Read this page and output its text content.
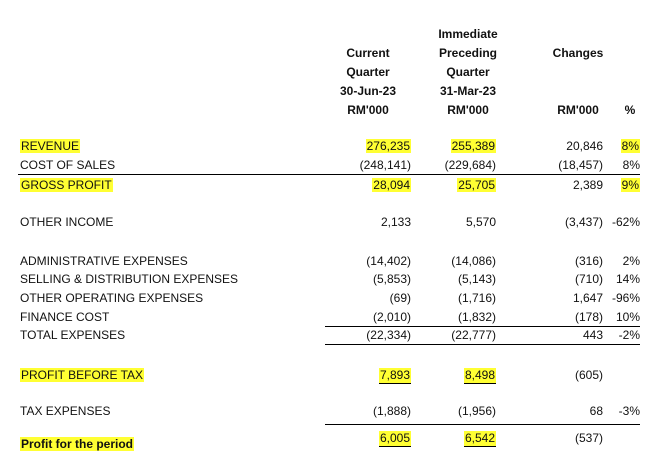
Current
Quarter
30-Jun-23
RM'000
Immediate
Preceding
Quarter
31-Mar-23
RM'000
Changes
RM'000	%
REVENUE	276,235	255,389	20,846 8%
COST OF SALES	(248,141)	(229,684)	(18,457) 8%
GROSS PROFIT	28,094	25,705	2,389 9%
OTHER INCOME	2,133	5,570	(3,437) -62%
ADMINISTRATIVE EXPENSES	(14,402)	(14,086)	(316) 2%
SELLING & DISTRIBUTION EXPENSES	(5,853)	(5,143)	(710) 14%
OTHER OPERATING EXPENSES	(69)	(1,716)	1,647 -96%
FINANCE COST	(2,010)	(1,832)	(178) 10%
TOTAL EXPENSES	(22,334)	(22,777)	443 -2%
PROFIT BEFORE TAX	7,893	8,498	(605)
TAX EXPENSES	(1,888)	(1,956)	68 -3%
Profit for the period	6,005	6,542	(537)
